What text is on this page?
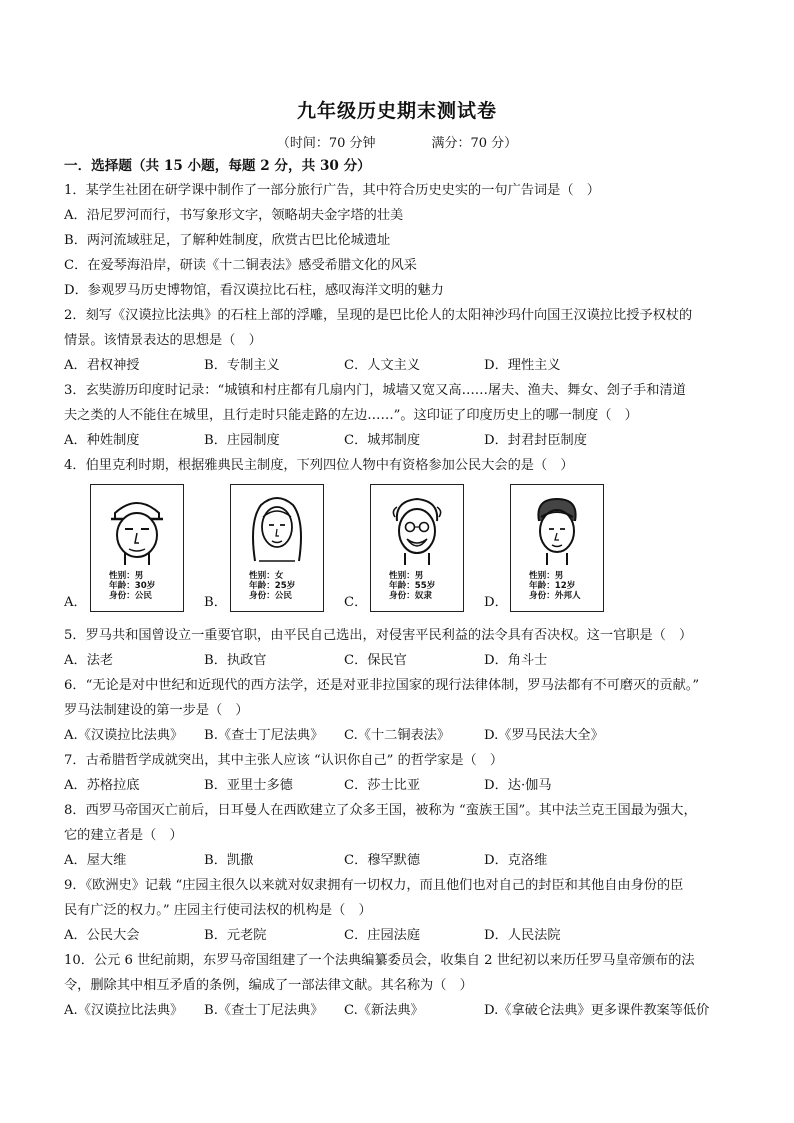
九年级历史期末测试卷
（时间：70 分钟	满分：70 分）
一．选择题（共 15 小题，每题 2 分，共 30 分）
1．某学生社团在研学课中制作了一部分旅行广告，其中符合历史史实的一句广告词是（　）
A．沿尼罗河而行，书写象形文字，领略胡夫金字塔的壮美
B．两河流域驻足，了解种姓制度，欣赏古巴比伦城遗址
C．在爱琴海沿岸，研读《十二铜表法》感受希腊文化的风采
D．参观罗马历史博物馆，看汉谟拉比石柱，感叹海洋文明的魅力
2．刻写《汉谟拉比法典》的石柱上部的浮雕，呈现的是巴比伦人的太阳神沙玛什向国王汉谟拉比授予权杖的
情景。该情景表达的思想是（　）
A．君权神授	B．专制主义	C．人文主义	D．理性主义
3．玄奘游历印度时记录：“城镇和村庄都有几扇内门，城墙又宽又高……屠夫、渔夫、舞女、刽子手和清道
夫之类的人不能住在城里，且行走时只能走路的左边……”。这印证了印度历史上的哪一制度（　）
A．种姓制度	B．庄园制度	C．城邦制度	D．封君封臣制度
4．伯里克利时期，根据雅典民主制度，下列四位人物中有资格参加公民大会的是（　）
A．
性别：男
年龄：30岁
身份：公民	B．
性别：女
年龄：25岁
身份：公民	C．
性别：男
年龄：55岁
身份：奴隶	D．
性别：男
年龄：12岁
身份：外邦人
5．罗马共和国曾设立一重要官职，由平民自己选出，对侵害平民利益的法令具有否决权。这一官职是（　）
A．法老	B．执政官	C．保民官	D．角斗士
6．“无论是对中世纪和近现代的西方法学，还是对亚非拉国家的现行法律体制，罗马法都有不可磨灭的贡献。”
罗马法制建设的第一步是（　）
A.《汉谟拉比法典》 B.《查士丁尼法典》 C.《十二铜表法》	D.《罗马民法大全》
7．古希腊哲学成就突出，其中主张人应该 “认识你自己” 的哲学家是（　）
A．苏格拉底	B．亚里士多德	C．莎士比亚	D．达·伽马
8．西罗马帝国灭亡前后，日耳曼人在西欧建立了众多王国，被称为 “蛮族王国”。其中法兰克王国最为强大，
它的建立者是（　）
A．屋大维	B．凯撒	C．穆罕默德	D．克洛维
9．《欧洲史》记载 “庄园主很久以来就对奴隶拥有一切权力，而且他们也对自己的封臣和其他自由身份的臣
民有广泛的权力。” 庄园主行使司法权的机构是（　）
A．公民大会	B．元老院	C．庄园法庭	D．人民法院
10．公元 6 世纪前期，东罗马帝国组建了一个法典编纂委员会，收集自 2 世纪初以来历任罗马皇帝颁布的法
令，删除其中相互矛盾的条例，编成了一部法律文献。其名称为（　）
A.《汉谟拉比法典》 B.《查士丁尼法典》 C.《新法典》	D.《拿破仑法典》更多课件教案等低价
